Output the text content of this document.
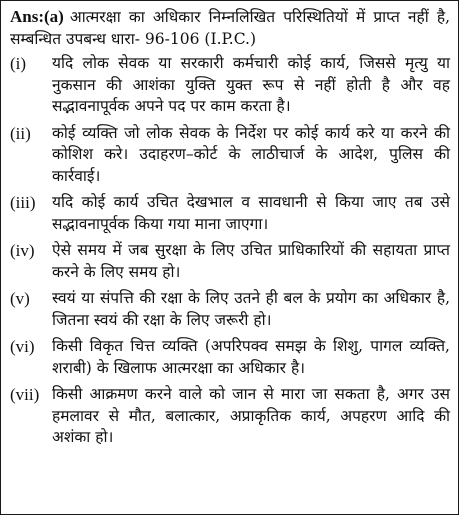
Ans:(a) आत्मरक्षा का अधिकार निम्नलिखित परिस्थितियों में प्राप्त नहीं है, सम्बन्धित उपबन्ध धारा- 96-106 (I.P.C.)

(i)	यदि लोक सेवक या सरकारी कर्मचारी कोई कार्य, जिससे मृत्यु या नुकसान की आशंका युक्ति युक्त रूप से नहीं होती है और वह सद्भावनापूर्वक अपने पद पर काम करता है।
(ii)	कोई व्यक्ति जो लोक सेवक के निर्देश पर कोई कार्य करे या करने की कोशिश करे। उदाहरण–कोर्ट के लाठीचार्ज के आदेश, पुलिस की कार्रवाई।
(iii)	यदि कोई कार्य उचित देखभाल व सावधानी से किया जाए तब उसे सद्भावनापूर्वक किया गया माना जाएगा।
(iv)	ऐसे समय में जब सुरक्षा के लिए उचित प्राधिकारियों की सहायता प्राप्त करने के लिए समय हो।
(v)	स्वयं या संपत्ति की रक्षा के लिए उतने ही बल के प्रयोग का अधिकार है, जितना स्वयं की रक्षा के लिए जरूरी हो।
(vi)	किसी विकृत चित्त व्यक्ति (अपरिपक्व समझ के शिशु, पागल व्यक्ति, शराबी) के खिलाफ आत्मरक्षा का अधिकार है।
(vii) किसी आक्रमण करने वाले को जान से मारा जा सकता है, अगर उस हमलावर से मौत, बलात्कार, अप्राकृतिक कार्य, अपहरण आदि की अशंका हो।
